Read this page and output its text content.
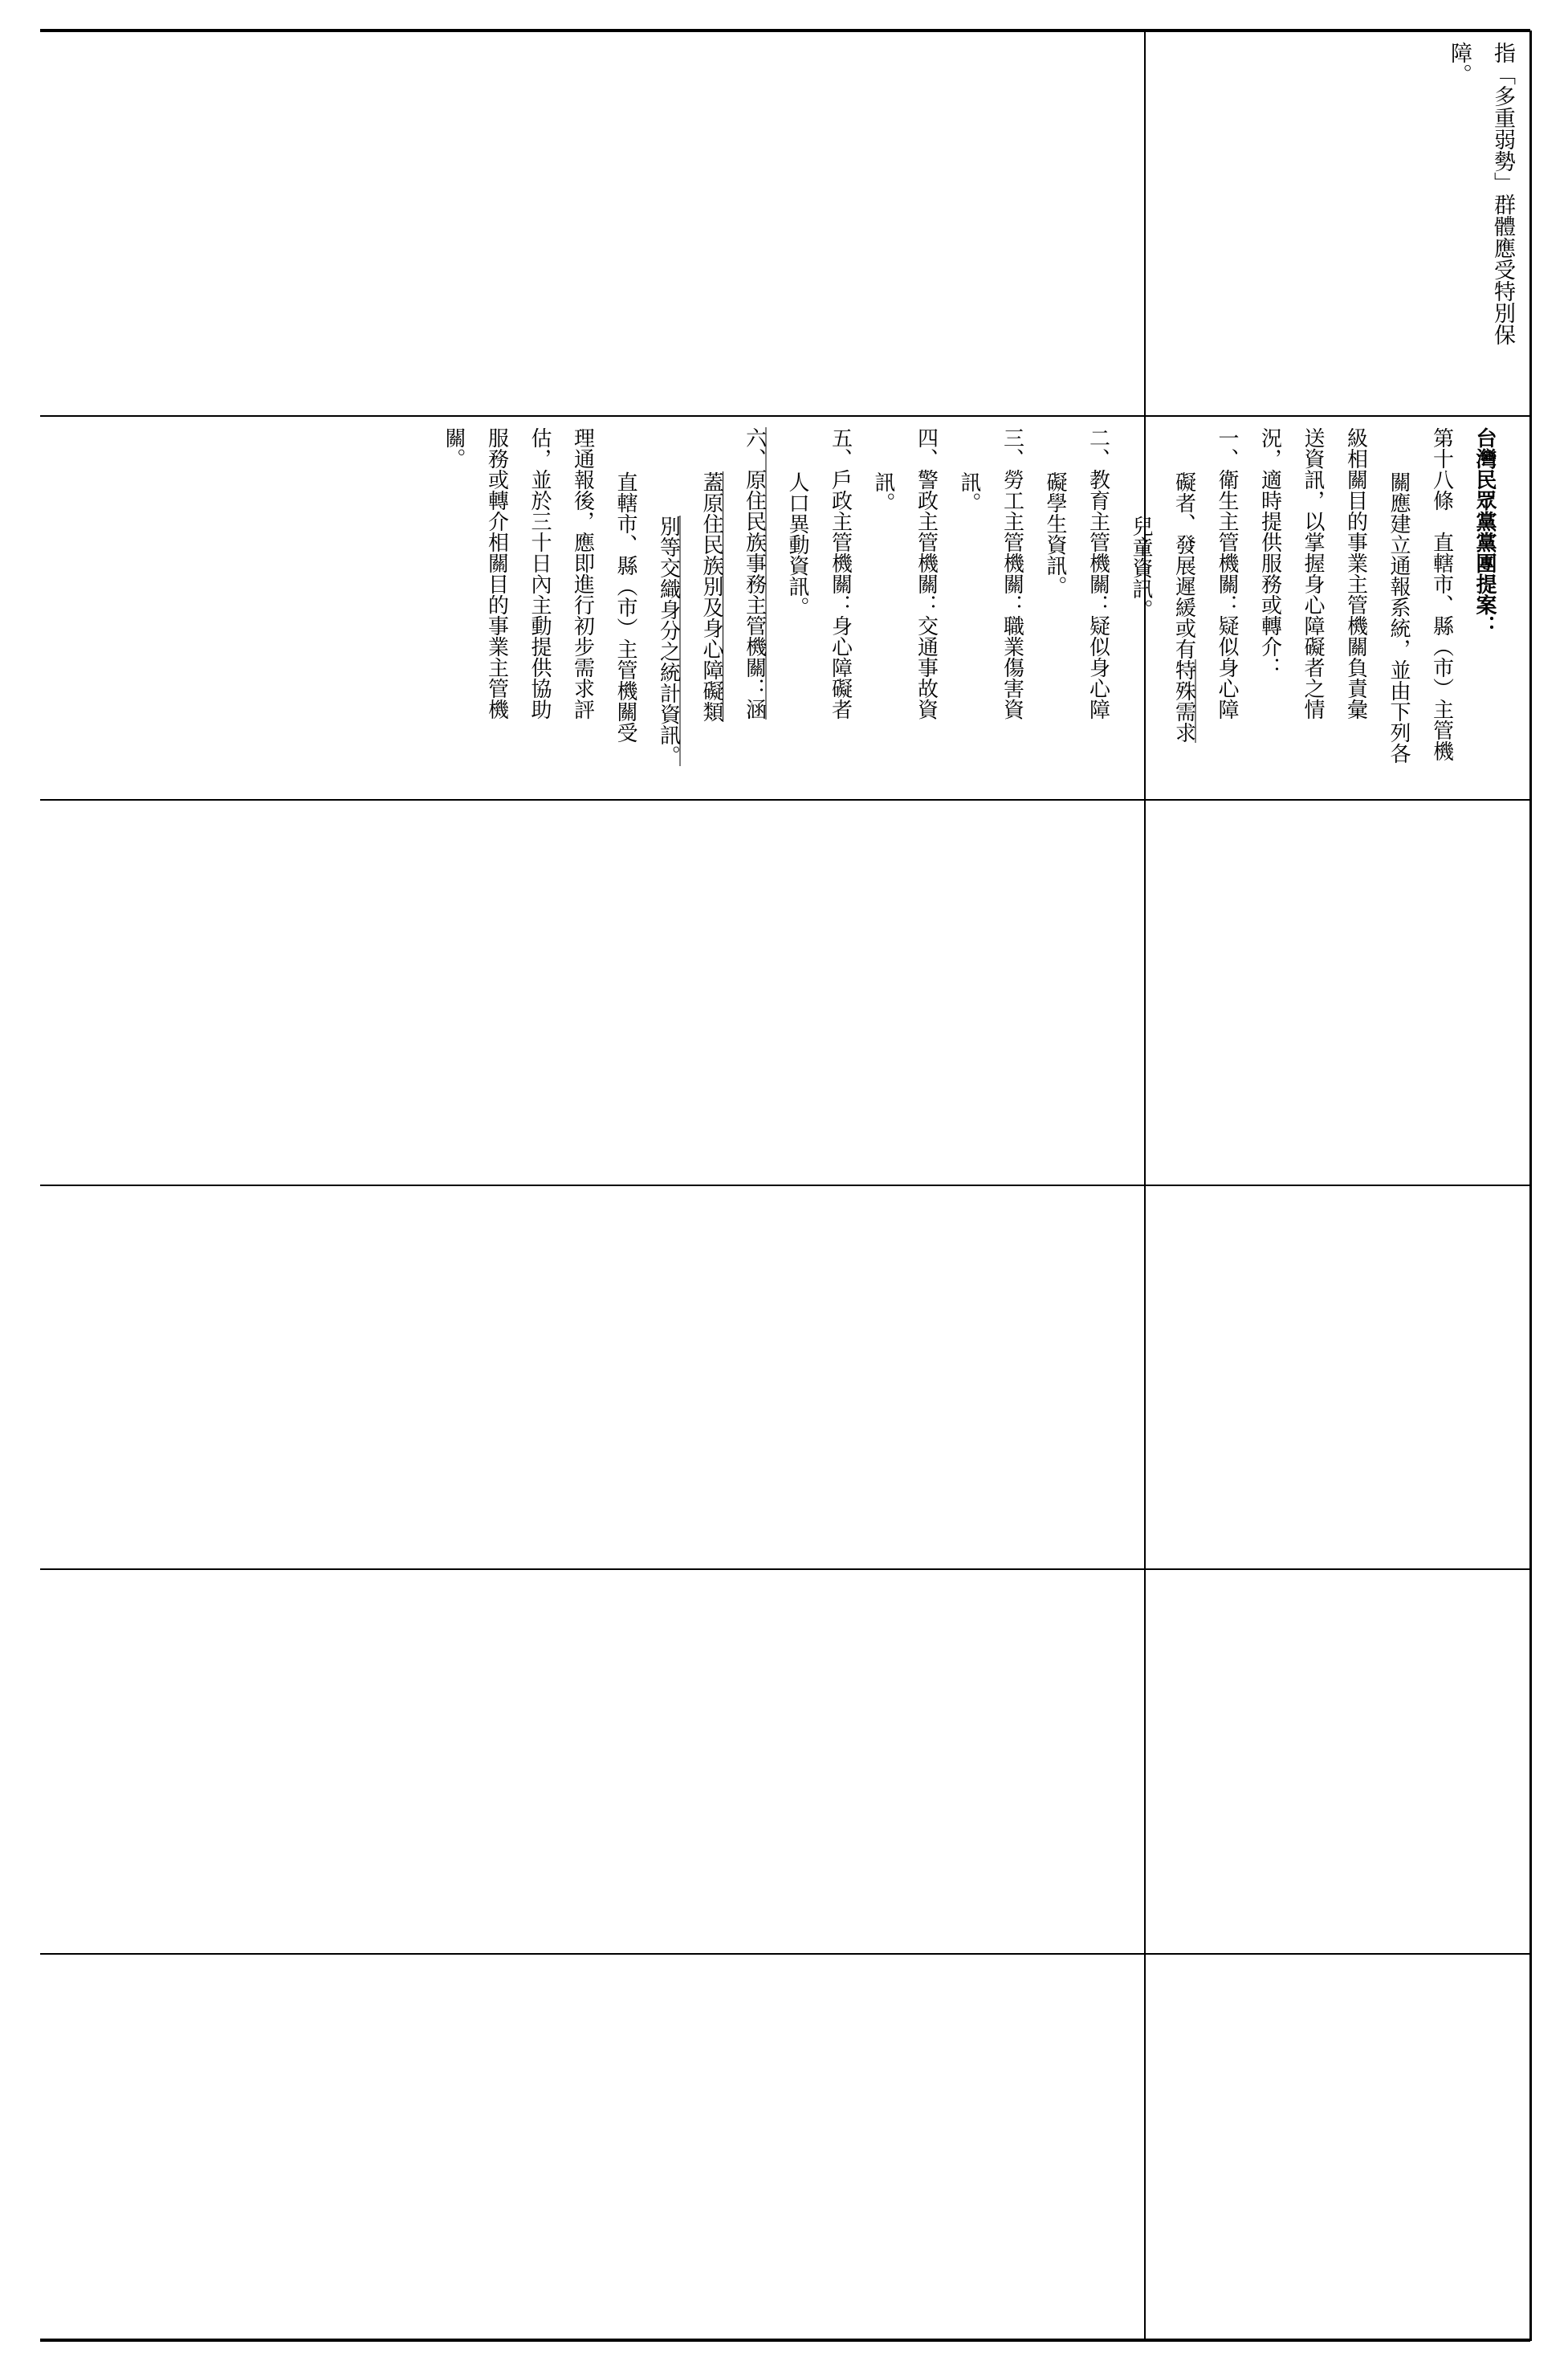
指「多重弱勢」群體應受特別保

障。

台灣民眾黨黨團提案：

第十八條　直轄市、縣（市）主管機

關應建立通報系統，並由下列各

級相關目的事業主管機關負責彙

送資訊，以掌握身心障礙者之情

況，適時提供服務或轉介：

一、衛生主管機關：疑似身心障

礙者、發展遲緩或有特殊需求

兒童資訊。

二、教育主管機關：疑似身心障

礙學生資訊。

三、勞工主管機關：職業傷害資

訊。

四、警政主管機關：交通事故資

訊。

五、戶政主管機關：身心障礙者

人口異動資訊。

六、原住民族事務主管機關：涵

蓋原住民族別及身心障礙類

別等交織身分之統計資訊。

直轄市、縣（市）主管機關受

理通報後，應即進行初步需求評

估，並於三十日內主動提供協助

服務或轉介相關目的事業主管機

關。
